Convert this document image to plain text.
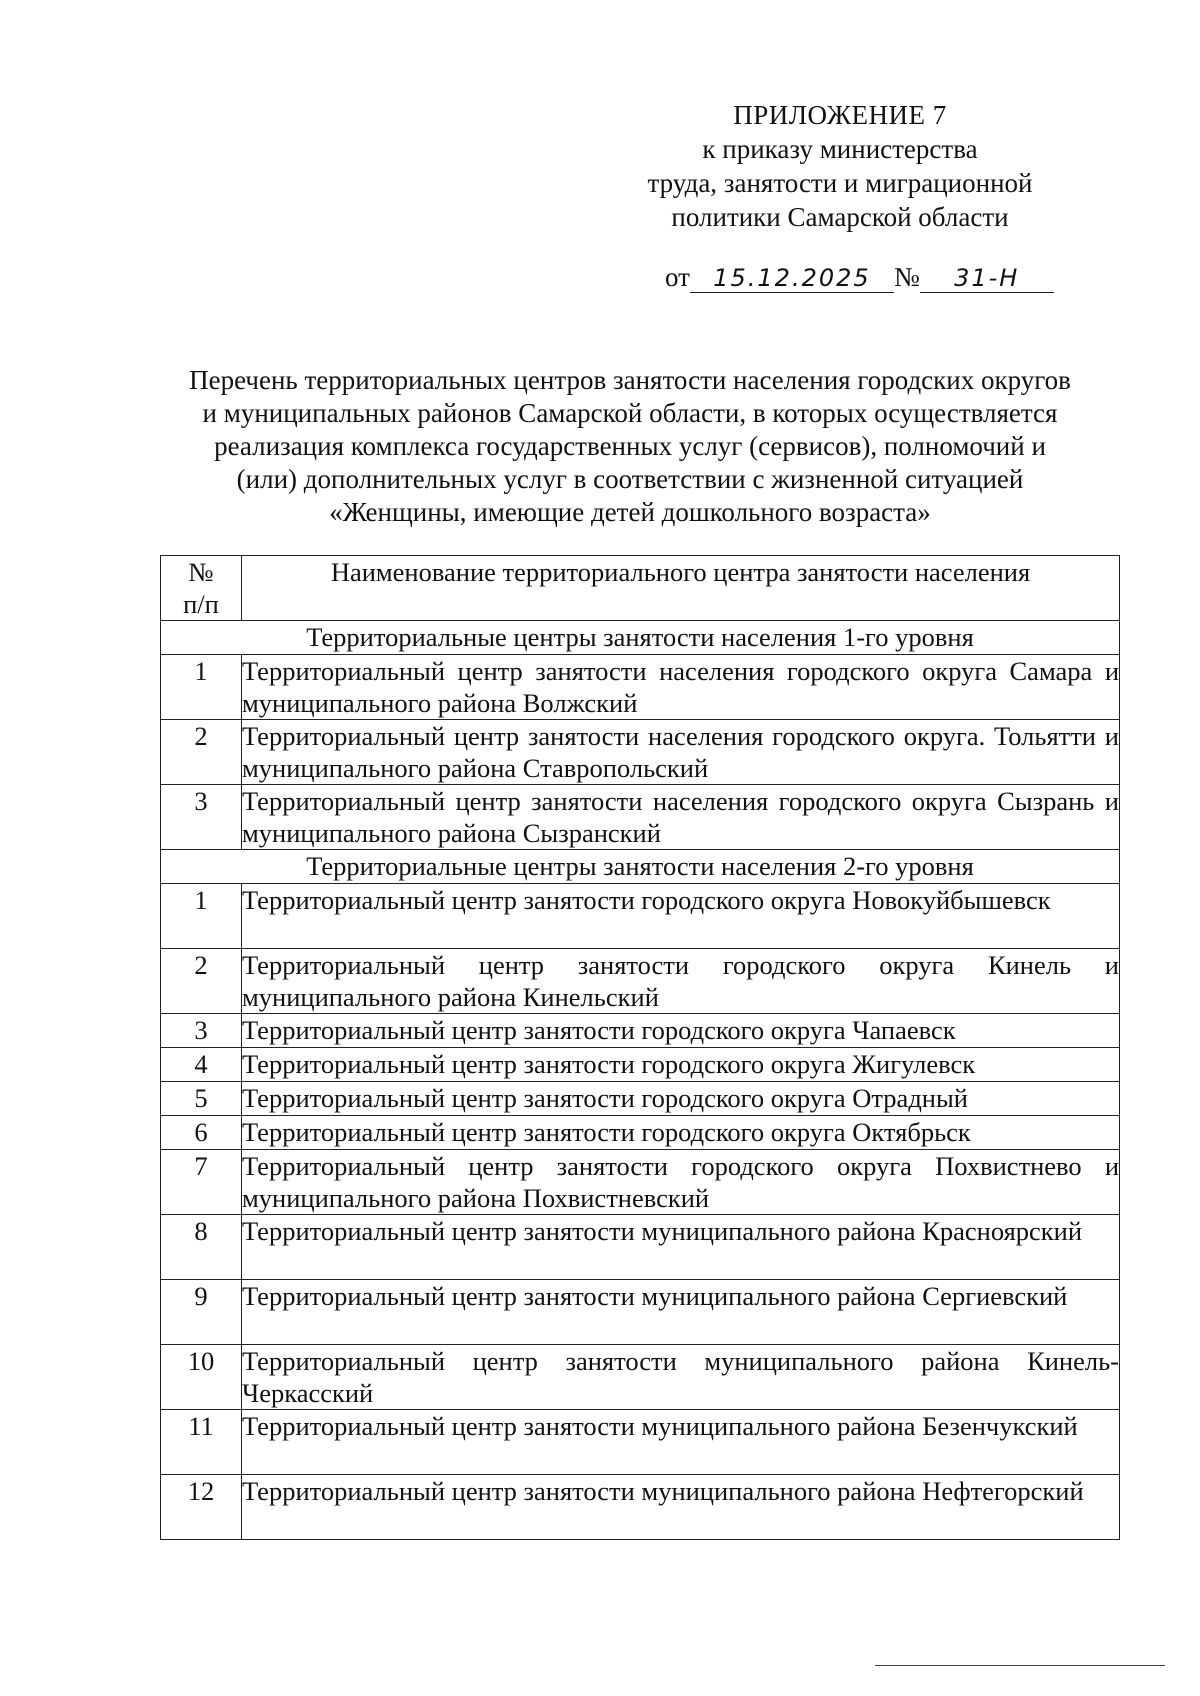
ПРИЛОЖЕНИЕ 7
к приказу министерства
труда, занятости и миграционной
политики Самарской области
от 15.12.2025 № 31-Н
Перечень территориальных центров занятости населения городских округов
и муниципальных районов Самарской области, в которых осуществляется
реализация комплекса государственных услуг (сервисов), полномочий и
(или) дополнительных услуг в соответствии с жизненной ситуацией
«Женщины, имеющие детей дошкольного возраста»
№
п/п	Наименование территориального центра занятости населения
Территориальные центры занятости населения 1-го уровня	
1	Территориальный центр занятости населения городского округа Самара и муниципального района Волжский
2	Территориальный центр занятости населения городского округа. Тольятти и муниципального района Ставропольский
3	Территориальный центр занятости населения городского округа Сызрань и муниципального района Сызранский
Территориальные центры занятости населения 2-го уровня	
1	Территориальный центр занятости городского округа Новокуйбышевск
2	Территориальный центр занятости городского округа Кинель и муниципального района Кинельский
3	Территориальный центр занятости городского округа Чапаевск
4	Территориальный центр занятости городского округа Жигулевск
5	Территориальный центр занятости городского округа Отрадный
6	Территориальный центр занятости городского округа Октябрьск
7	Территориальный центр занятости городского округа Похвистнево и муниципального района Похвистневский
8	Территориальный центр занятости муниципального района Красноярский
9	Территориальный центр занятости муниципального района Сергиевский
10	Территориальный центр занятости муниципального района Кинель-Черкасский
11	Территориальный центр занятости муниципального района Безенчукский
12	Территориальный центр занятости муниципального района Нефтегорский
